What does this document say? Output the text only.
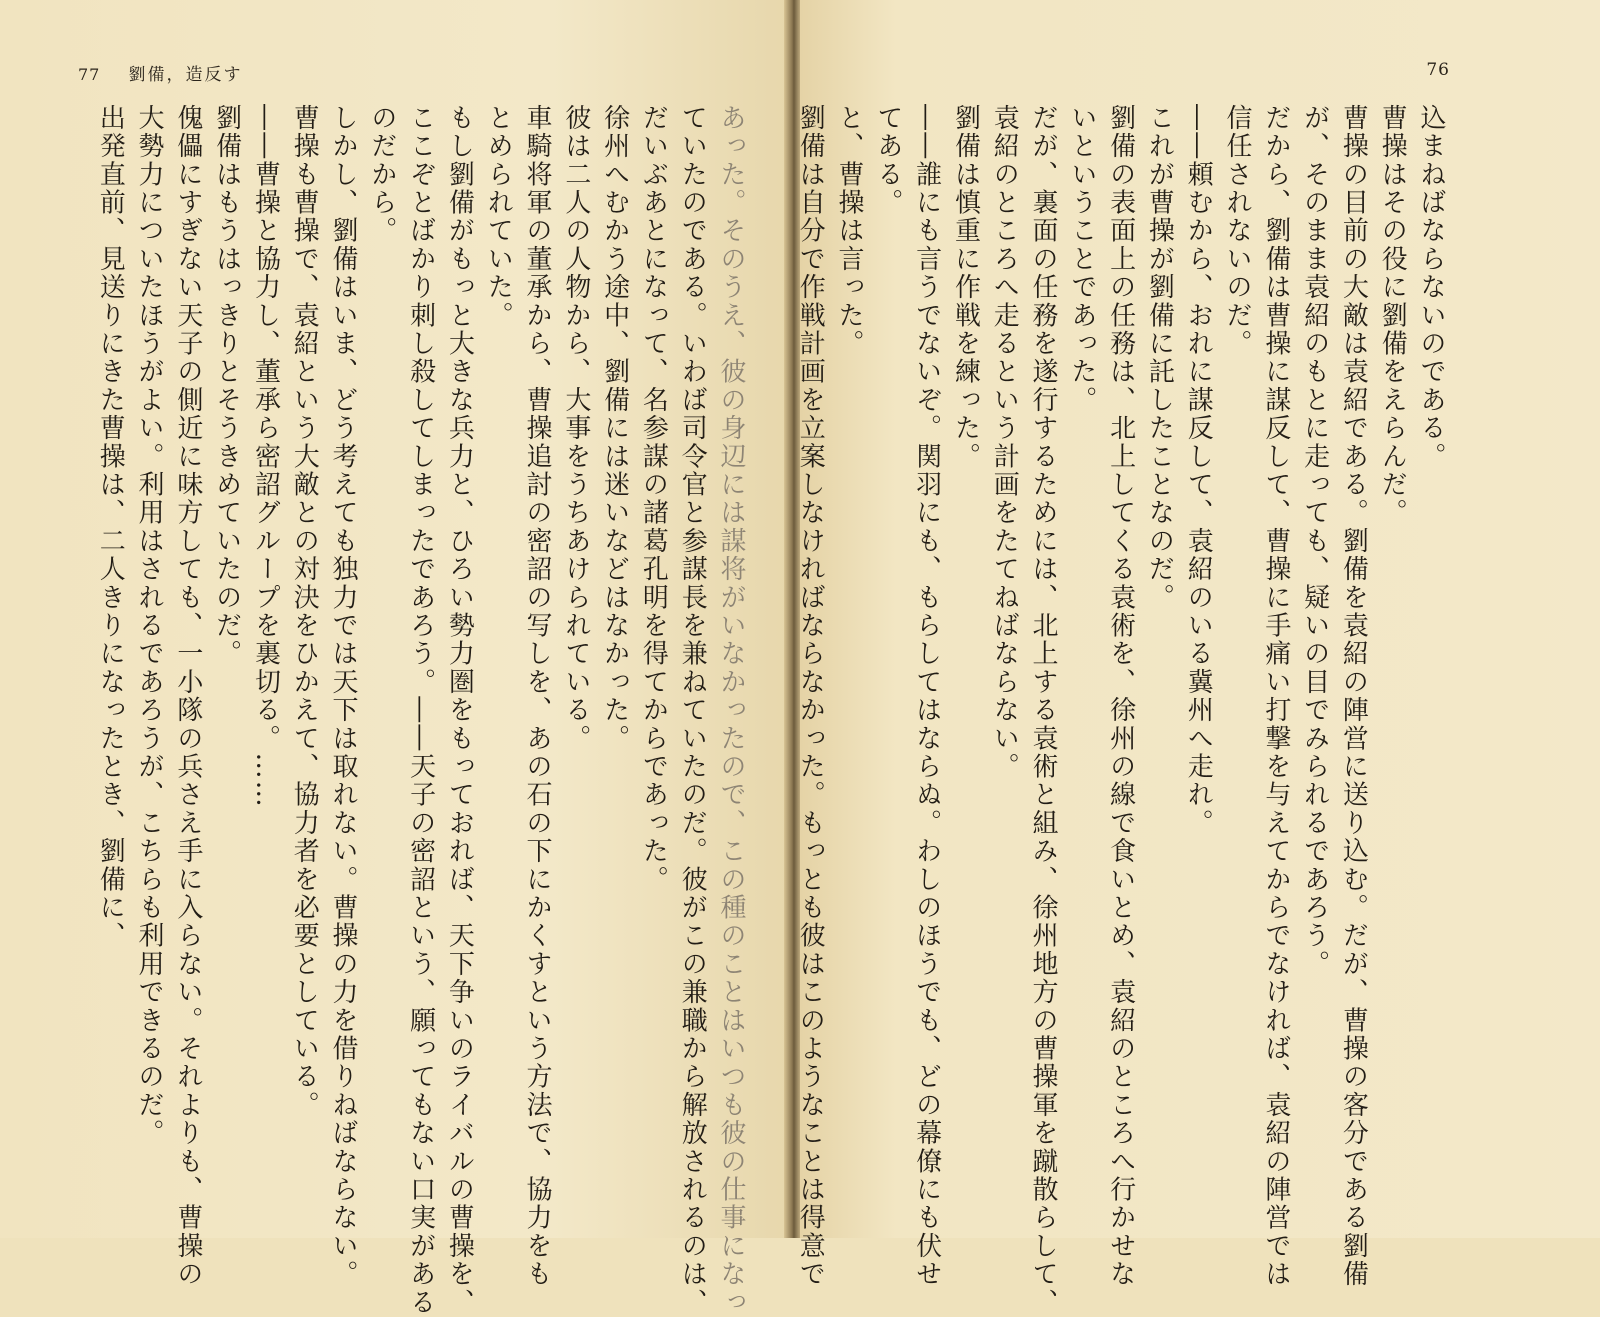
77 劉備，造反す

あった。そのうえ、彼の身辺には謀将がいなかったので、この種のことはいつも彼の仕事になっ

ていたのである。いわば司令官と参謀長を兼ねていたのだ。彼がこの兼職から解放されるのは、

だいぶあとになって、名参謀の諸葛孔明を得てからであった。

徐州へむかう途中、劉備には迷いなどはなかった。

彼は二人の人物から、大事をうちあけられている。

車騎将軍の董承から、曹操追討の密詔の写しを、あの石の下にかくすという方法で、協力をも

とめられていた。

もし劉備がもっと大きな兵力と、ひろい勢力圏をもっておれば、天下争いのライバルの曹操を、

ここぞとばかり刺し殺してしまったであろう。――天子の密詔という、願ってもない口実がある

のだから。

しかし、劉備はいま、どう考えても独力では天下は取れない。曹操の力を借りねばならない。

曹操も曹操で、袁紹という大敵との対決をひかえて、協力者を必要としている。

――曹操と協力し、董承ら密詔グループを裏切る。……

劉備はもうはっきりとそうきめていたのだ。

傀儡にすぎない天子の側近に味方しても、一小隊の兵さえ手に入らない。それよりも、曹操の

大勢力についたほうがよい。利用はされるであろうが、こちらも利用できるのだ。

出発直前、見送りにきた曹操は、二人きりになったとき、劉備に、

76

込まねばならないのである。

曹操はその役に劉備をえらんだ。

曹操の目前の大敵は袁紹である。劉備を袁紹の陣営に送り込む。だが、曹操の客分である劉備

が、そのまま袁紹のもとに走っても、疑いの目でみられるであろう。

だから、劉備は曹操に謀反して、曹操に手痛い打撃を与えてからでなければ、袁紹の陣営では

信任されないのだ。

――頼むから、おれに謀反して、袁紹のいる冀州へ走れ。

これが曹操が劉備に託したことなのだ。

劉備の表面上の任務は、北上してくる袁術を、徐州の線で食いとめ、袁紹のところへ行かせな

いということであった。

だが、裏面の任務を遂行するためには、北上する袁術と組み、徐州地方の曹操軍を蹴散らして、

袁紹のところへ走るという計画をたてねばならない。

劉備は慎重に作戦を練った。

――誰にも言うでないぞ。関羽にも、もらしてはならぬ。わしのほうでも、どの幕僚にも伏せ

てある。

と、曹操は言った。

劉備は自分で作戦計画を立案しなければならなかった。もっとも彼はこのようなことは得意で
